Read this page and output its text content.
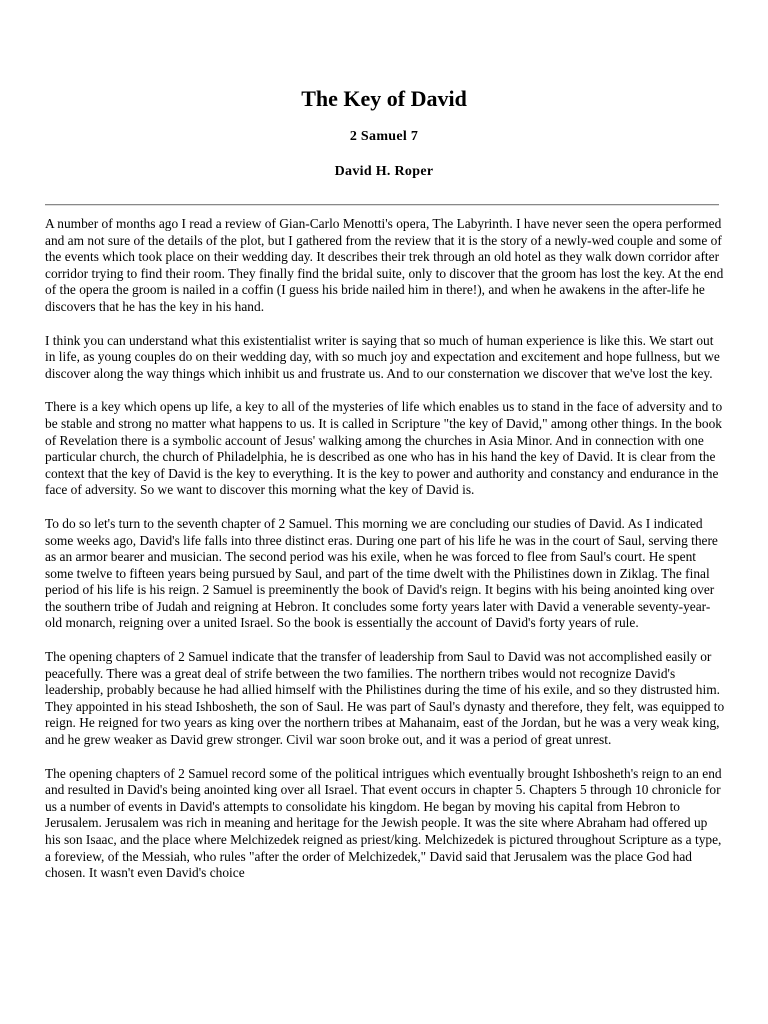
The Key of David
2 Samuel 7
David H. Roper

A number of months ago I read a review of Gian-Carlo Menotti's opera, The Labyrinth. I have never seen the opera performed and am not sure of the details of the plot, but I gathered from the review that it is the story of a newly-wed couple and some of the events which took place on their wedding day. It describes their trek through an old hotel as they walk down corridor after corridor trying to find their room. They finally find the bridal suite, only to discover that the groom has lost the key. At the end of the opera the groom is nailed in a coffin (I guess his bride nailed him in there!), and when he awakens in the after-life he discovers that he has the key in his hand.

I think you can understand what this existentialist writer is saying that so much of human experience is like this. We start out in life, as young couples do on their wedding day, with so much joy and expectation and excitement and hope fullness, but we discover along the way things which inhibit us and frustrate us. And to our consternation we discover that we've lost the key.

There is a key which opens up life, a key to all of the mysteries of life which enables us to stand in the face of adversity and to be stable and strong no matter what happens to us. It is called in Scripture "the key of David," among other things. In the book of Revelation there is a symbolic account of Jesus' walking among the churches in Asia Minor. And in connection with one particular church, the church of Philadelphia, he is described as one who has in his hand the key of David. It is clear from the context that the key of David is the key to everything. It is the key to power and authority and constancy and endurance in the face of adversity. So we want to discover this morning what the key of David is.

To do so let's turn to the seventh chapter of 2 Samuel. This morning we are concluding our studies of David. As I indicated some weeks ago, David's life falls into three distinct eras. During one part of his life he was in the court of Saul, serving there as an armor bearer and musician. The second period was his exile, when he was forced to flee from Saul's court. He spent some twelve to fifteen years being pursued by Saul, and part of the time dwelt with the Philistines down in Ziklag. The final period of his life is his reign. 2 Samuel is preeminently the book of David's reign. It begins with his being anointed king over the southern tribe of Judah and reigning at Hebron. It concludes some forty years later with David a venerable seventy-year-old monarch, reigning over a united Israel. So the book is essentially the account of David's forty years of rule.

The opening chapters of 2 Samuel indicate that the transfer of leadership from Saul to David was not accomplished easily or peacefully. There was a great deal of strife between the two families. The northern tribes would not recognize David's leadership, probably because he had allied himself with the Philistines during the time of his exile, and so they distrusted him. They appointed in his stead Ishbosheth, the son of Saul. He was part of Saul's dynasty and therefore, they felt, was equipped to reign. He reigned for two years as king over the northern tribes at Mahanaim, east of the Jordan, but he was a very weak king, and he grew weaker as David grew stronger. Civil war soon broke out, and it was a period of great unrest.

The opening chapters of 2 Samuel record some of the political intrigues which eventually brought Ishbosheth's reign to an end and resulted in David's being anointed king over all Israel. That event occurs in chapter 5. Chapters 5 through 10 chronicle for us a number of events in David's attempts to consolidate his kingdom. He began by moving his capital from Hebron to Jerusalem. Jerusalem was rich in meaning and heritage for the Jewish people. It was the site where Abraham had offered up his son Isaac, and the place where Melchizedek reigned as priest/king. Melchizedek is pictured throughout Scripture as a type, a foreview, of the Messiah, who rules "after the order of Melchizedek," David said that Jerusalem was the place God had chosen. It wasn't even David's choice
